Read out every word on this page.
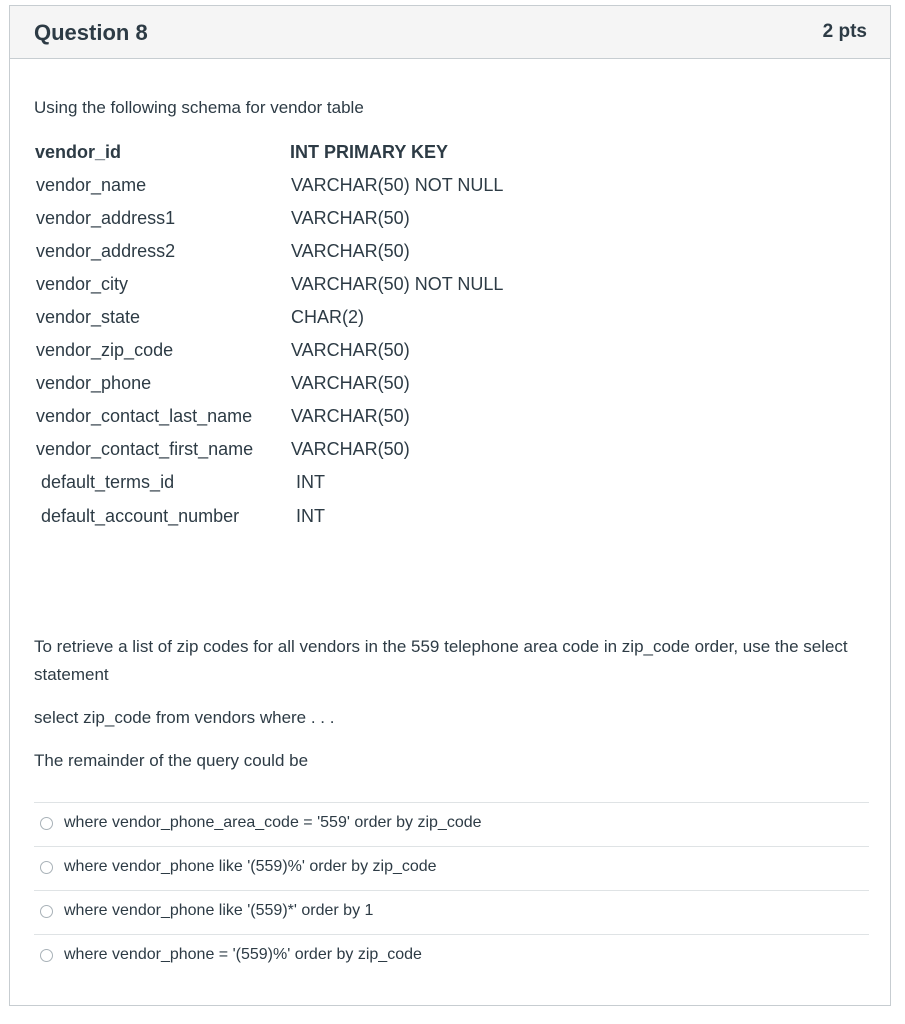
Question 8	2 pts
Using the following schema for vendor table
vendor_id	INT PRIMARY KEY
vendor_name	VARCHAR(50) NOT NULL
vendor_address1	VARCHAR(50)
vendor_address2	VARCHAR(50)
vendor_city	VARCHAR(50) NOT NULL
vendor_state	CHAR(2)
vendor_zip_code	VARCHAR(50)
vendor_phone	VARCHAR(50)
vendor_contact_last_name VARCHAR(50)
vendor_contact_first_name VARCHAR(50)
default_terms_id	INT
default_account_number	INT
To retrieve a list of zip codes for all vendors in the 559 telephone area code in zip_code order, use the select statement
select zip_code from vendors where . . .
The remainder of the query could be
where vendor_phone_area_code = '559' order by zip_code
where vendor_phone like '(559)%' order by zip_code
where vendor_phone like '(559)*' order by 1
where vendor_phone = '(559)%' order by zip_code
